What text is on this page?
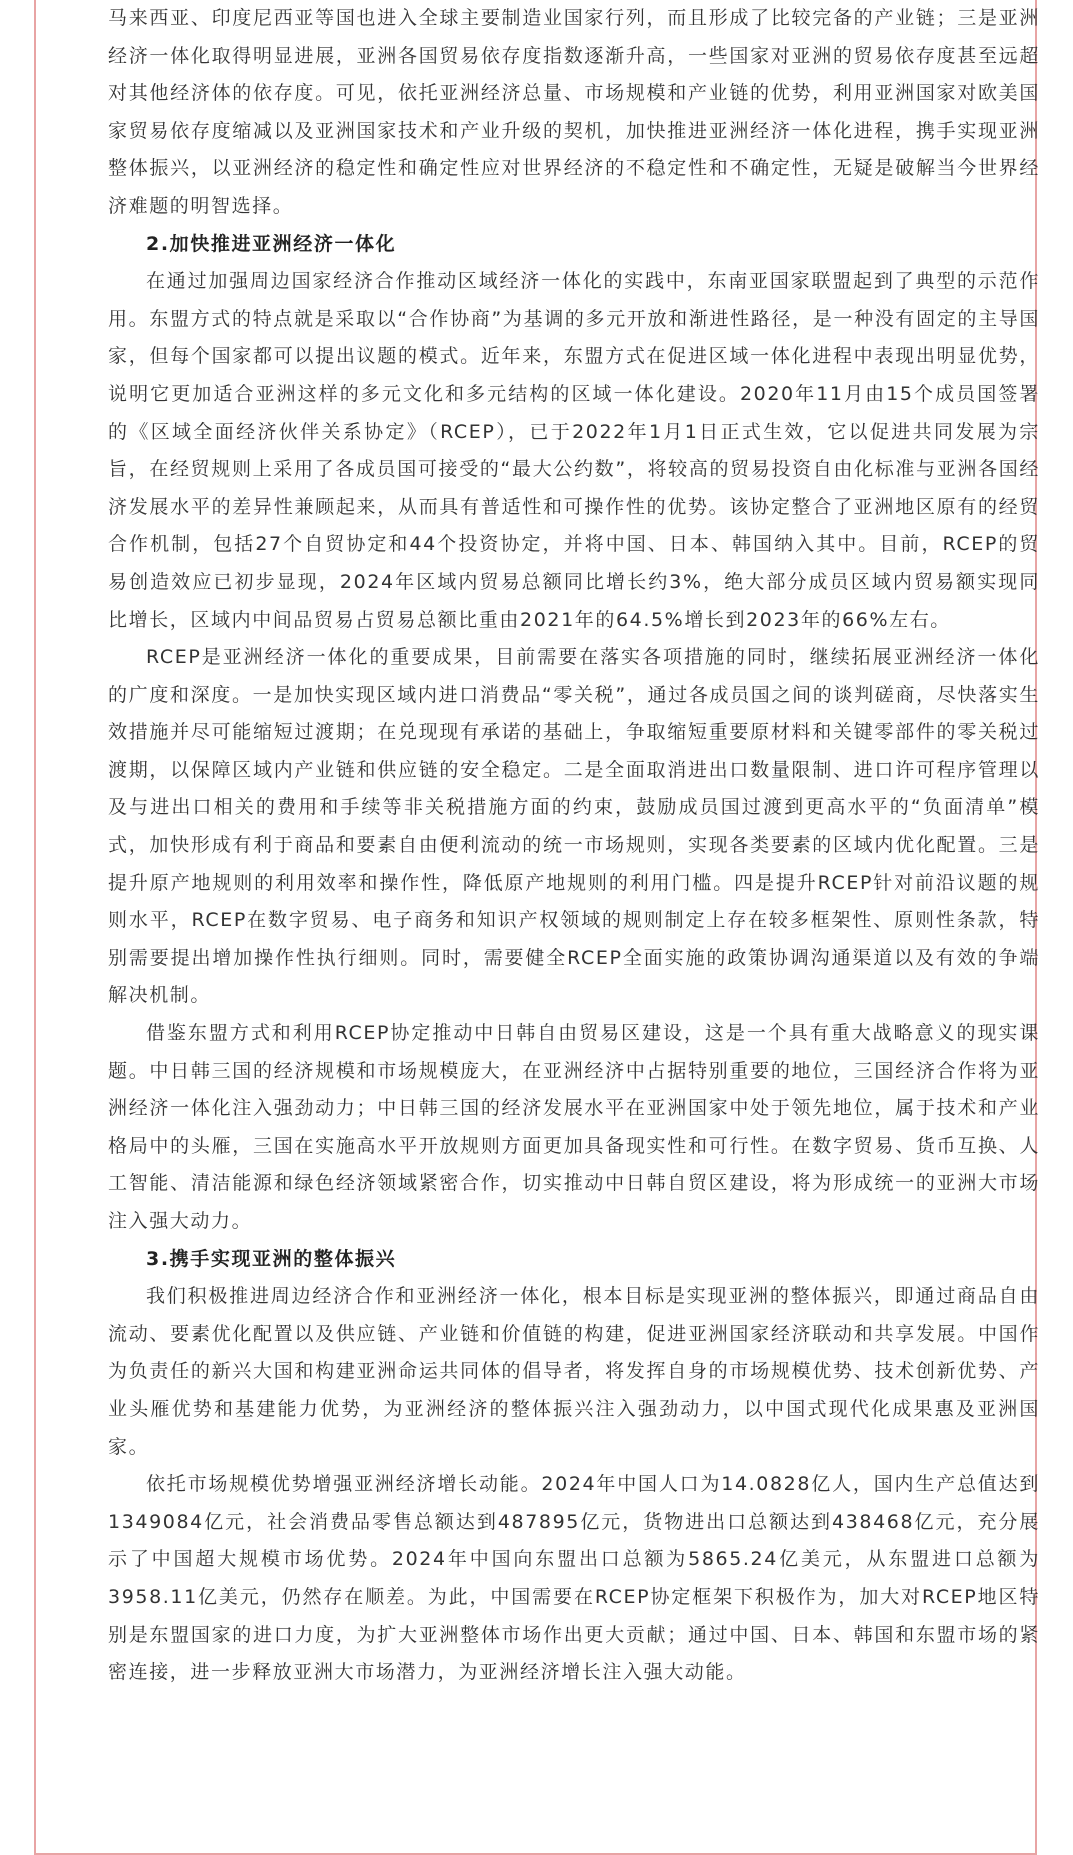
马来西亚、印度尼西亚等国也进入全球主要制造业国家行列，而且形成了比较完备的产业链；三是亚洲经济一体化取得明显进展，亚洲各国贸易依存度指数逐渐升高，一些国家对亚洲的贸易依存度甚至远超对其他经济体的依存度。可见，依托亚洲经济总量、市场规模和产业链的优势，利用亚洲国家对欧美国家贸易依存度缩减以及亚洲国家技术和产业升级的契机，加快推进亚洲经济一体化进程，携手实现亚洲整体振兴，以亚洲经济的稳定性和确定性应对世界经济的不稳定性和不确定性，无疑是破解当今世界经济难题的明智选择。

2.加快推进亚洲经济一体化

在通过加强周边国家经济合作推动区域经济一体化的实践中，东南亚国家联盟起到了典型的示范作用。东盟方式的特点就是采取以“合作协商”为基调的多元开放和渐进性路径，是一种没有固定的主导国家，但每个国家都可以提出议题的模式。近年来，东盟方式在促进区域一体化进程中表现出明显优势，说明它更加适合亚洲这样的多元文化和多元结构的区域一体化建设。2020年11月由15个成员国签署的《区域全面经济伙伴关系协定》（RCEP），已于2022年1月1日正式生效，它以促进共同发展为宗旨，在经贸规则上采用了各成员国可接受的“最大公约数”，将较高的贸易投资自由化标准与亚洲各国经济发展水平的差异性兼顾起来，从而具有普适性和可操作性的优势。该协定整合了亚洲地区原有的经贸合作机制，包括27个自贸协定和44个投资协定，并将中国、日本、韩国纳入其中。目前，RCEP的贸易创造效应已初步显现，2024年区域内贸易总额同比增长约3%，绝大部分成员区域内贸易额实现同比增长，区域内中间品贸易占贸易总额比重由2021年的64.5%增长到2023年的66%左右。

RCEP是亚洲经济一体化的重要成果，目前需要在落实各项措施的同时，继续拓展亚洲经济一体化的广度和深度。一是加快实现区域内进口消费品“零关税”，通过各成员国之间的谈判磋商，尽快落实生效措施并尽可能缩短过渡期；在兑现现有承诺的基础上，争取缩短重要原材料和关键零部件的零关税过渡期，以保障区域内产业链和供应链的安全稳定。二是全面取消进出口数量限制、进口许可程序管理以及与进出口相关的费用和手续等非关税措施方面的约束，鼓励成员国过渡到更高水平的“负面清单”模式，加快形成有利于商品和要素自由便利流动的统一市场规则，实现各类要素的区域内优化配置。三是提升原产地规则的利用效率和操作性，降低原产地规则的利用门槛。四是提升RCEP针对前沿议题的规则水平，RCEP在数字贸易、电子商务和知识产权领域的规则制定上存在较多框架性、原则性条款，特别需要提出增加操作性执行细则。同时，需要健全RCEP全面实施的政策协调沟通渠道以及有效的争端解决机制。

借鉴东盟方式和利用RCEP协定推动中日韩自由贸易区建设，这是一个具有重大战略意义的现实课题。中日韩三国的经济规模和市场规模庞大，在亚洲经济中占据特别重要的地位，三国经济合作将为亚洲经济一体化注入强劲动力；中日韩三国的经济发展水平在亚洲国家中处于领先地位，属于技术和产业格局中的头雁，三国在实施高水平开放规则方面更加具备现实性和可行性。在数字贸易、货币互换、人工智能、清洁能源和绿色经济领域紧密合作，切实推动中日韩自贸区建设，将为形成统一的亚洲大市场注入强大动力。

3.携手实现亚洲的整体振兴

我们积极推进周边经济合作和亚洲经济一体化，根本目标是实现亚洲的整体振兴，即通过商品自由流动、要素优化配置以及供应链、产业链和价值链的构建，促进亚洲国家经济联动和共享发展。中国作为负责任的新兴大国和构建亚洲命运共同体的倡导者，将发挥自身的市场规模优势、技术创新优势、产业头雁优势和基建能力优势，为亚洲经济的整体振兴注入强劲动力，以中国式现代化成果惠及亚洲国家。

依托市场规模优势增强亚洲经济增长动能。2024年中国人口为14.0828亿人，国内生产总值达到1349084亿元，社会消费品零售总额达到487895亿元，货物进出口总额达到438468亿元，充分展示了中国超大规模市场优势。2024年中国向东盟出口总额为5865.24亿美元，从东盟进口总额为3958.11亿美元，仍然存在顺差。为此，中国需要在RCEP协定框架下积极作为，加大对RCEP地区特别是东盟国家的进口力度，为扩大亚洲整体市场作出更大贡献；通过中国、日本、韩国和东盟市场的紧密连接，进一步释放亚洲大市场潜力，为亚洲经济增长注入强大动能。
